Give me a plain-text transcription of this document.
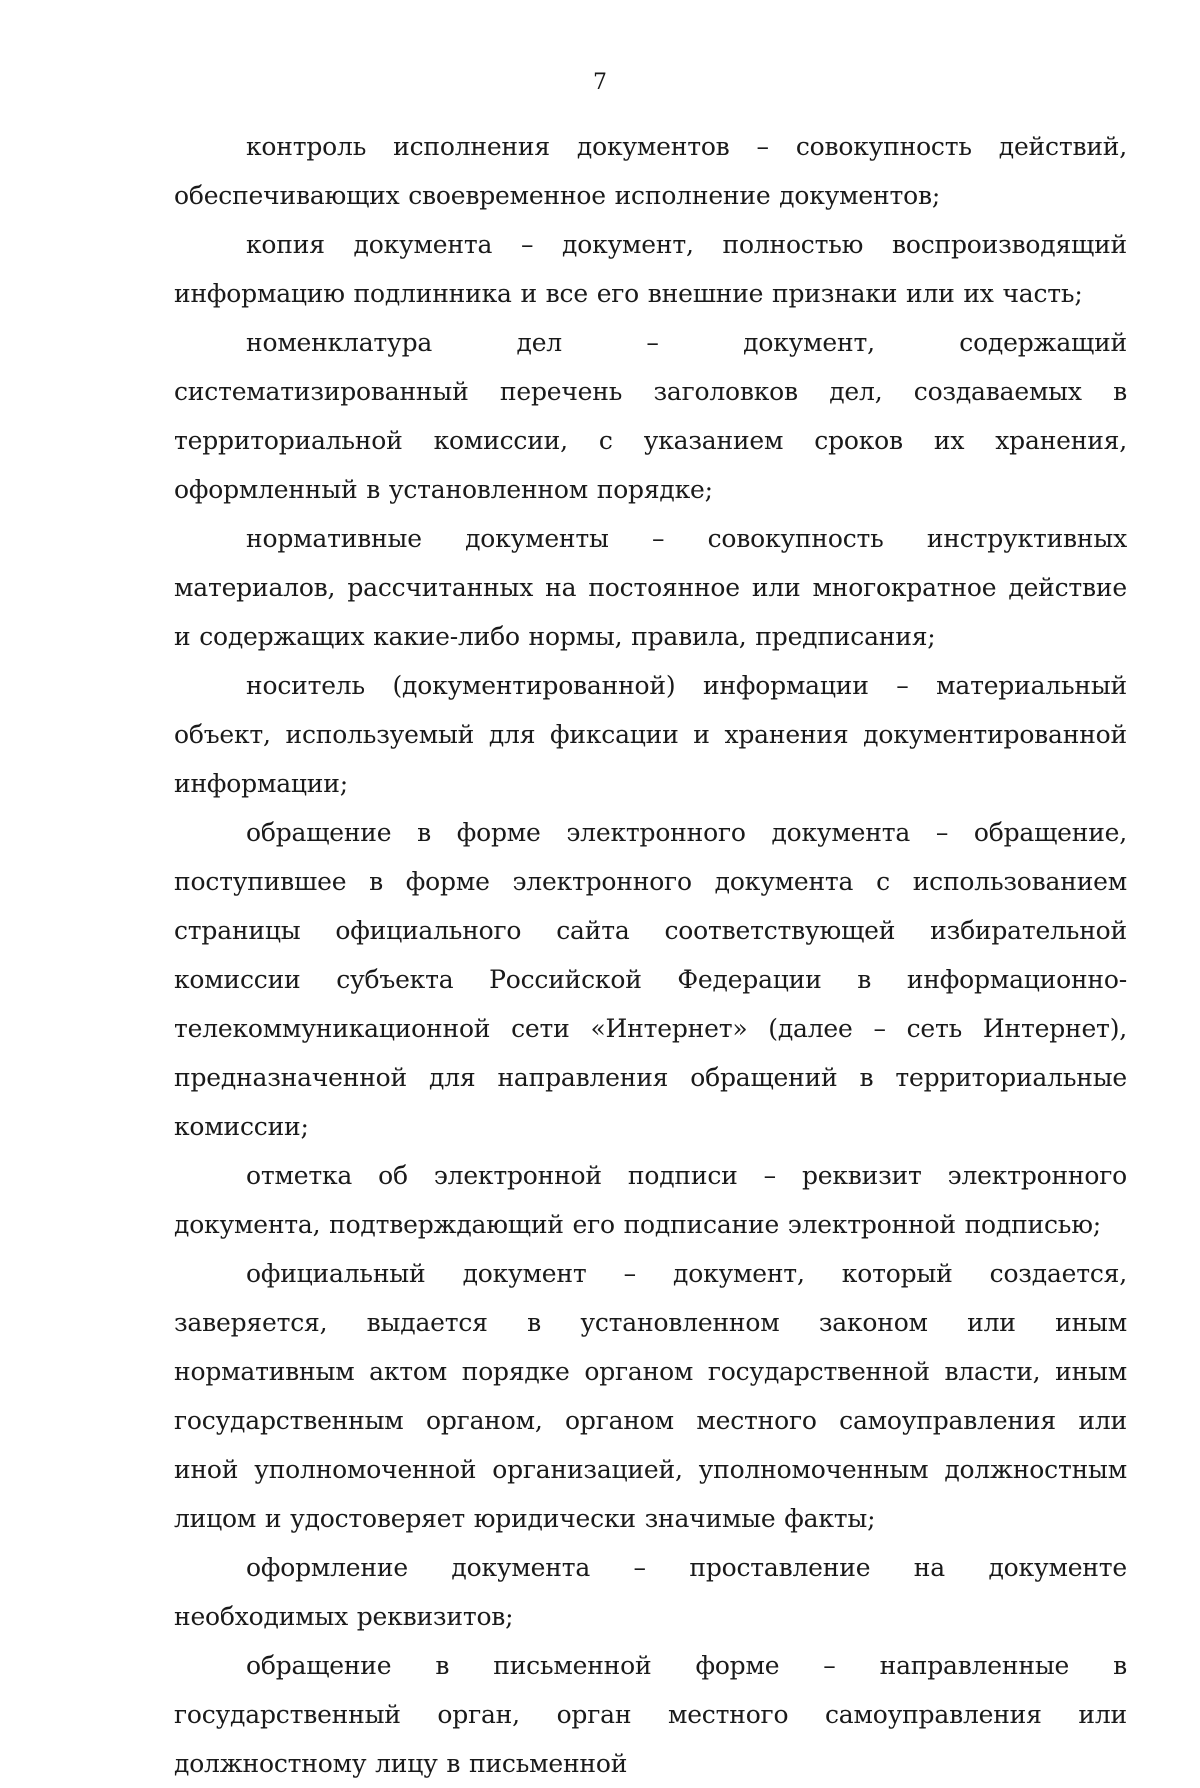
7

контроль исполнения документов – совокупность действий, обеспечивающих своевременное исполнение документов;

копия документа – документ, полностью воспроизводящий информацию подлинника и все его внешние признаки или их часть;

номенклатура дел – документ, содержащий систематизированный перечень заголовков дел, создаваемых в территориальной комиссии, с указанием сроков их хранения, оформленный в установленном порядке;

нормативные документы – совокупность инструктивных материалов, рассчитанных на постоянное или многократное действие и содержащих какие-либо нормы, правила, предписания;

носитель (документированной) информации – материальный объект, используемый для фиксации и хранения документированной информации;

обращение в форме электронного документа – обращение, поступившее в форме электронного документа с использованием страницы официального сайта соответствующей избирательной комиссии субъекта Российской Федерации в информационно-телекоммуникационной сети «Интернет» (далее – сеть Интернет), предназначенной для направления обращений в территориальные комиссии;

отметка об электронной подписи – реквизит электронного документа, подтверждающий его подписание электронной подписью;

официальный документ – документ, который создается, заверяется, выдается в установленном законом или иным нормативным актом порядке органом государственной власти, иным государственным органом, органом местного самоуправления или иной уполномоченной организацией, уполномоченным должностным лицом и удостоверяет юридически значимые факты;

оформление документа – проставление на документе необходимых реквизитов;

обращение в письменной форме – направленные в государственный орган, орган местного самоуправления или должностному лицу в письменной
